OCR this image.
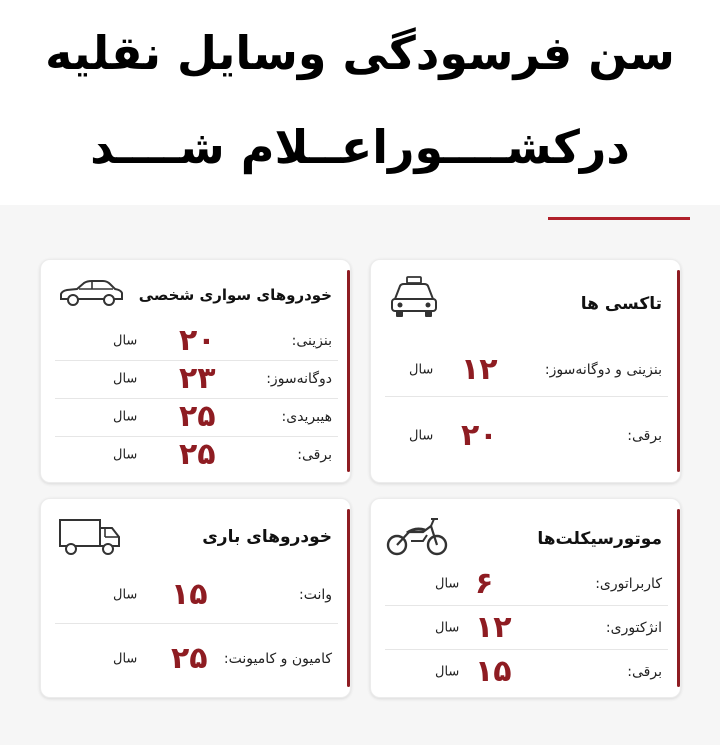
سن فرسودگی وسایل نقلیه
درکشــــوراعــلام شــــد
خودروهای سواری شخصی
بنزینی:
۲۰
سال
دوگانه‌سوز:
۲۳
سال
هیبریدی:
۲۵
سال
برقی:
۲۵
سال
تاکسی ها
بنزینی و دوگانه‌سوز:
۱۲
سال
برقی:
۲۰
سال
خودروهای باری
وانت:
۱۵
سال
کامیون و کامیونت:
۲۵
سال
موتورسیکلت‌ها
کاربراتوری:
۶
سال
انژکتوری:
۱۲
سال
برقی:
۱۵
سال
